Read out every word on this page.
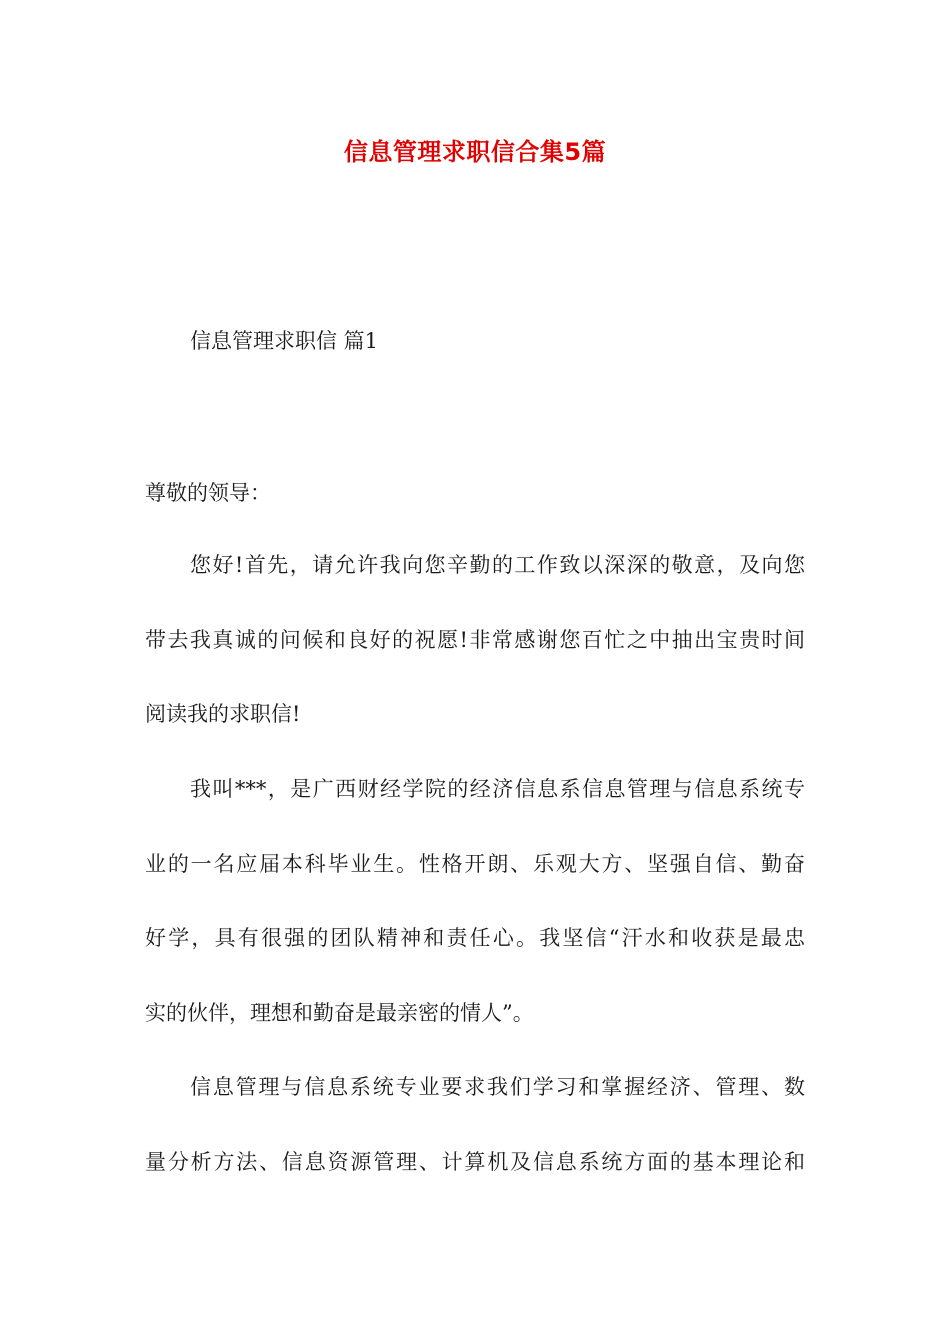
信息管理求职信合集5篇
信息管理求职信 篇1
尊敬的领导：
您好!首先，请允许我向您辛勤的工作致以深深的敬意，及向您
带去我真诚的问候和良好的祝愿!非常感谢您百忙之中抽出宝贵时间
阅读我的求职信!
我叫***，是广西财经学院的经济信息系信息管理与信息系统专
业的一名应届本科毕业生。性格开朗、乐观大方、坚强自信、勤奋
好学，具有很强的团队精神和责任心。我坚信“汗水和收获是最忠
实的伙伴，理想和勤奋是最亲密的情人”。
信息管理与信息系统专业要求我们学习和掌握经济、管理、数
量分析方法、信息资源管理、计算机及信息系统方面的基本理论和
